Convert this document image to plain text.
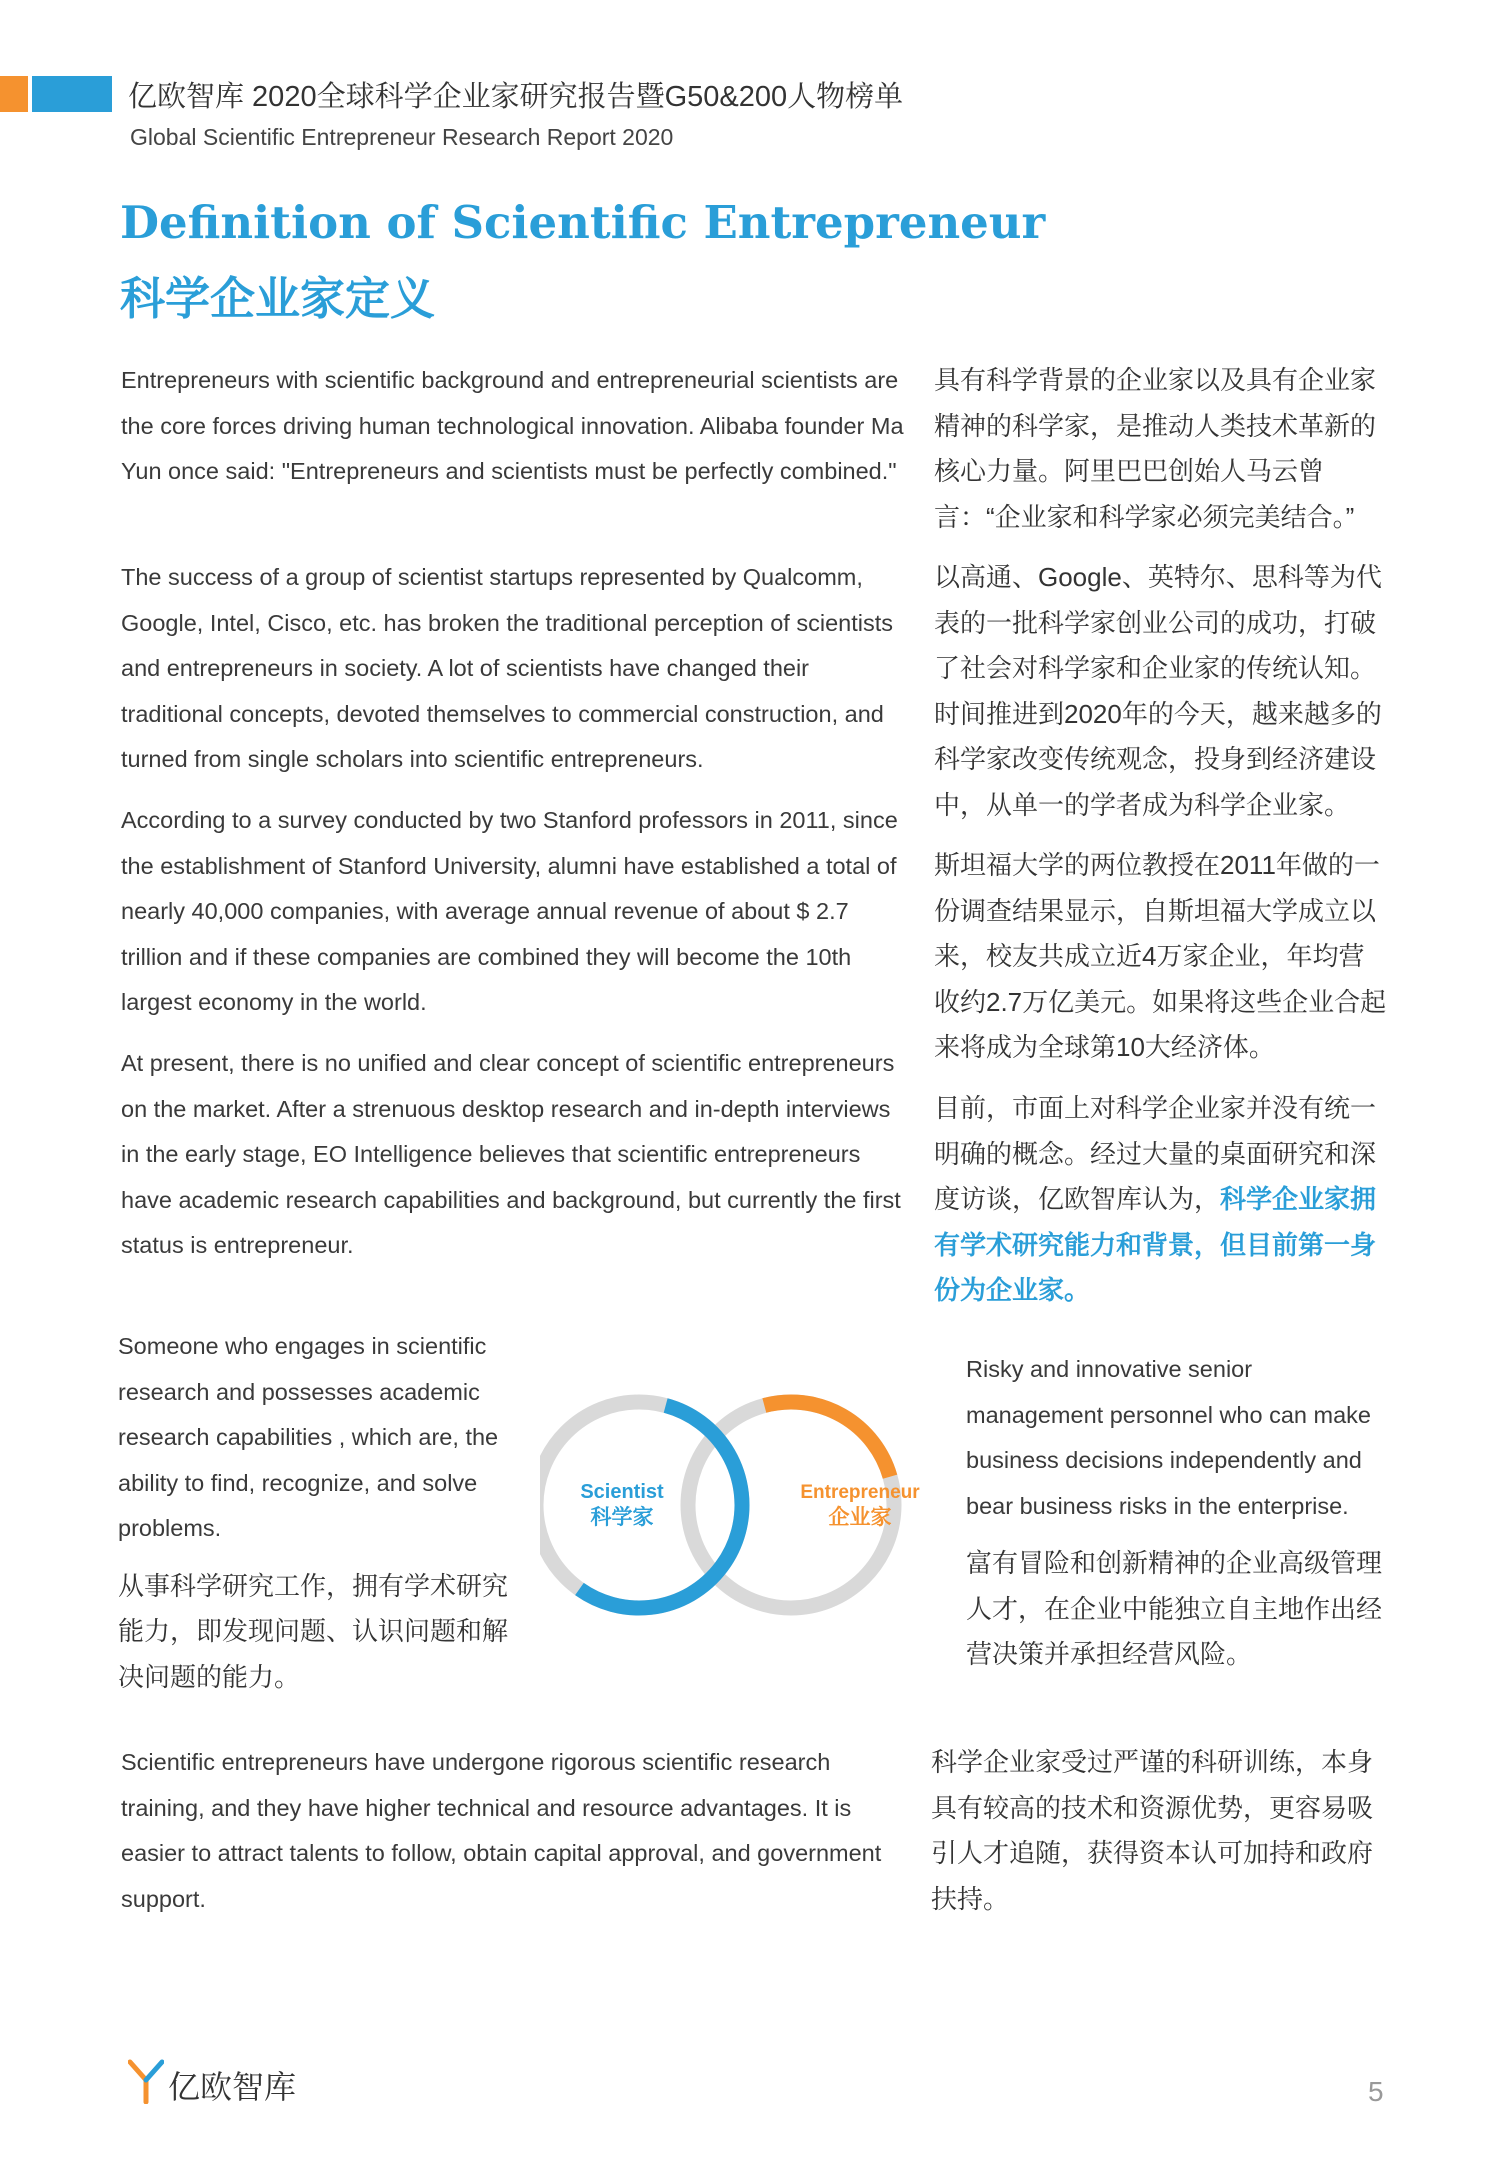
亿欧智库 2020全球科学企业家研究报告暨G50&200人物榜单
Global Scientific Entrepreneur Research Report 2020
Definition of Scientific Entrepreneur
科学企业家定义
Entrepreneurs with scientific background and entrepreneurial scientists are the core forces driving human technological innovation. Alibaba founder Ma Yun once said: "Entrepreneurs and scientists must be perfectly combined."
The success of a group of scientist startups represented by Qualcomm, Google, Intel, Cisco, etc. has broken the traditional perception of scientists and entrepreneurs in society. A lot of scientists have changed their traditional concepts, devoted themselves to commercial construction, and turned from single scholars into scientific entrepreneurs.
According to a survey conducted by two Stanford professors in 2011, since the establishment of Stanford University, alumni have established a total of nearly 40,000 companies, with average annual revenue of about $ 2.7 trillion and if these companies are combined they will become the 10th largest economy in the world.
At present, there is no unified and clear concept of scientific entrepreneurs on the market. After a strenuous desktop research and in-depth interviews in the early stage, EO Intelligence believes that scientific entrepreneurs have academic research capabilities and background, but currently the first status is entrepreneur.
具有科学背景的企业家以及具有企业家精神的科学家，是推动人类技术革新的核心力量。阿里巴巴创始人马云曾言：“企业家和科学家必须完美结合。”
以高通、Google、英特尔、思科等为代表的一批科学家创业公司的成功，打破了社会对科学家和企业家的传统认知。时间推进到2020年的今天，越来越多的科学家改变传统观念，投身到经济建设中，从单一的学者成为科学企业家。
斯坦福大学的两位教授在2011年做的一份调查结果显示，自斯坦福大学成立以来，校友共成立近4万家企业，年均营收约2.7万亿美元。如果将这些企业合起来将成为全球第10大经济体。
目前，市面上对科学企业家并没有统一明确的概念。经过大量的桌面研究和深度访谈，亿欧智库认为，科学企业家拥有学术研究能力和背景，但目前第一身份为企业家。
Someone who engages in scientific research and possesses academic research capabilities , which are, the ability to find, recognize, and solve problems.
从事科学研究工作，拥有学术研究能力，即发现问题、认识问题和解决问题的能力。
Scientist
科学家
Entrepreneur
企业家
Risky and innovative senior management personnel who can make business decisions independently and bear business risks in the enterprise.
富有冒险和创新精神的企业高级管理人才，在企业中能独立自主地作出经营决策并承担经营风险。
Scientific entrepreneurs have undergone rigorous scientific research training, and they have higher technical and resource advantages. It is easier to attract talents to follow, obtain capital approval, and government support.
科学企业家受过严谨的科研训练，本身具有较高的技术和资源优势，更容易吸引人才追随，获得资本认可加持和政府扶持。
亿欧智库	5
